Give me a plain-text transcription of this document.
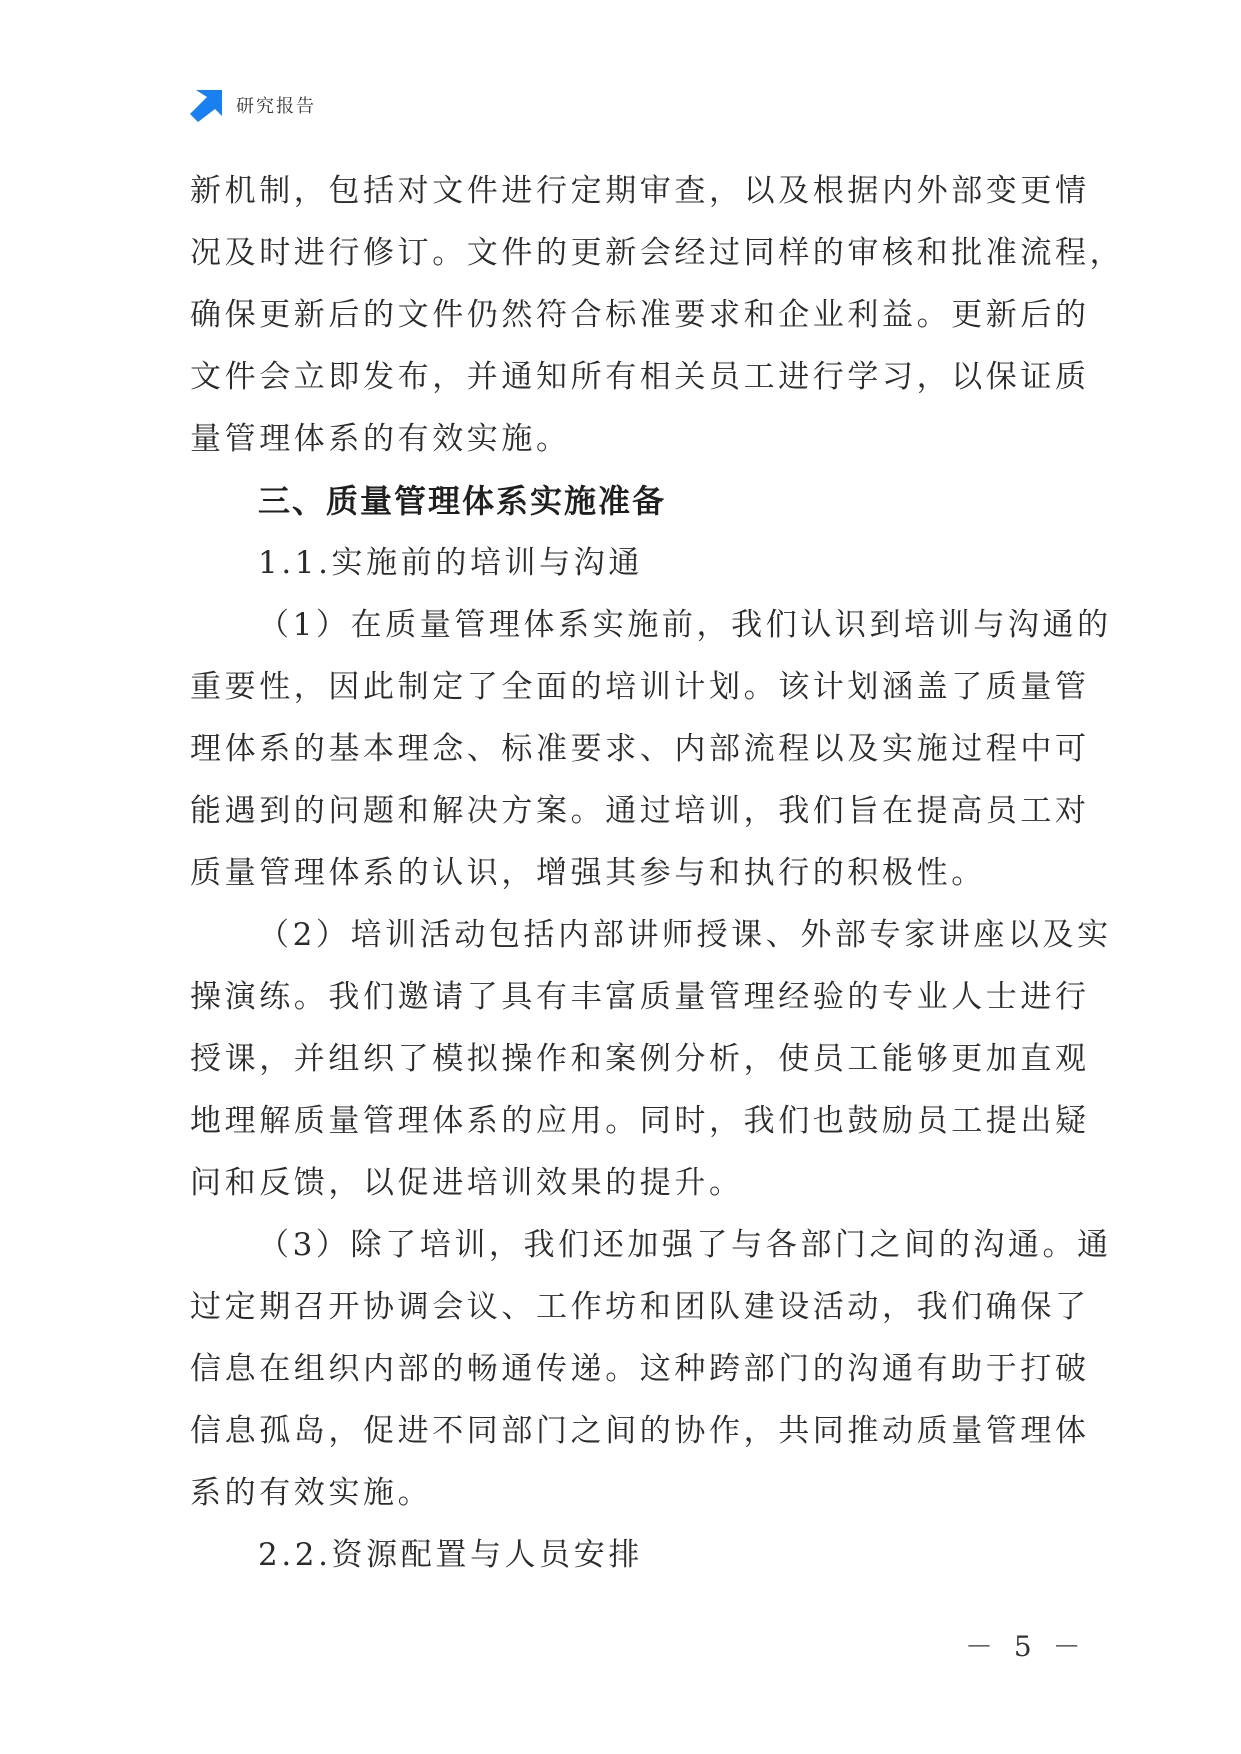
研究报告
新机制，包括对文件进行定期审查，以及根据内外部变更情
况及时进行修订。文件的更新会经过同样的审核和批准流程，
确保更新后的文件仍然符合标准要求和企业利益。更新后的
文件会立即发布，并通知所有相关员工进行学习，以保证质
量管理体系的有效实施。
三、质量管理体系实施准备
1.1.实施前的培训与沟通
（1）在质量管理体系实施前，我们认识到培训与沟通的
重要性，因此制定了全面的培训计划。该计划涵盖了质量管
理体系的基本理念、标准要求、内部流程以及实施过程中可
能遇到的问题和解决方案。通过培训，我们旨在提高员工对
质量管理体系的认识，增强其参与和执行的积极性。
（2）培训活动包括内部讲师授课、外部专家讲座以及实
操演练。我们邀请了具有丰富质量管理经验的专业人士进行
授课，并组织了模拟操作和案例分析，使员工能够更加直观
地理解质量管理体系的应用。同时，我们也鼓励员工提出疑
问和反馈，以促进培训效果的提升。
（3）除了培训，我们还加强了与各部门之间的沟通。通
过定期召开协调会议、工作坊和团队建设活动，我们确保了
信息在组织内部的畅通传递。这种跨部门的沟通有助于打破
信息孤岛，促进不同部门之间的协作，共同推动质量管理体
系的有效实施。
2.2.资源配置与人员安排
－ 5 －
